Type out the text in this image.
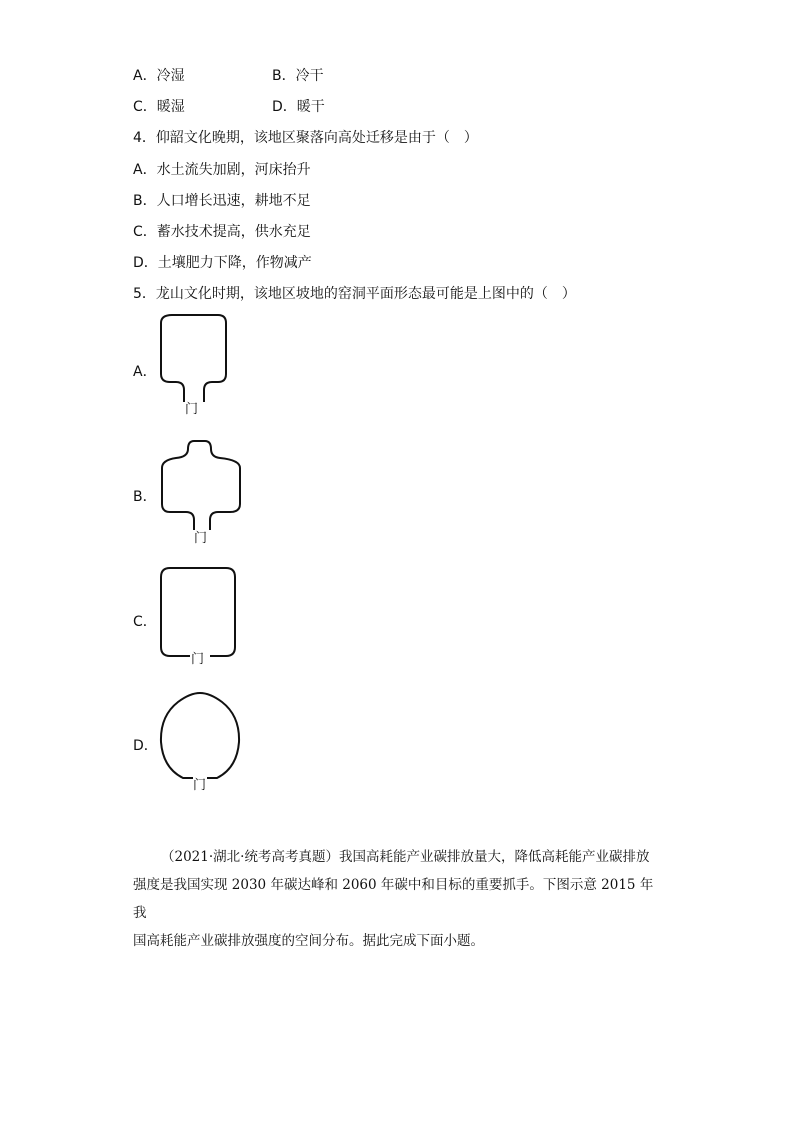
A．冷湿	B．冷干
C．暖湿	D．暖干
4．仰韶文化晚期，该地区聚落向高处迁移是由于（　）
A．水土流失加剧，河床抬升
B．人口增长迅速，耕地不足
C．蓄水技术提高，供水充足
D．土壤肥力下降，作物减产
5．龙山文化时期，该地区坡地的窑洞平面形态最可能是上图中的（　）
A．
门
B．
门
C．
门
D．
门

（2021·湖北·统考高考真题）我国高耗能产业碳排放量大，降低高耗能产业碳排放

强度是我国实现 2030 年碳达峰和 2060 年碳中和目标的重要抓手。下图示意 2015 年我

国高耗能产业碳排放强度的空间分布。据此完成下面小题。
